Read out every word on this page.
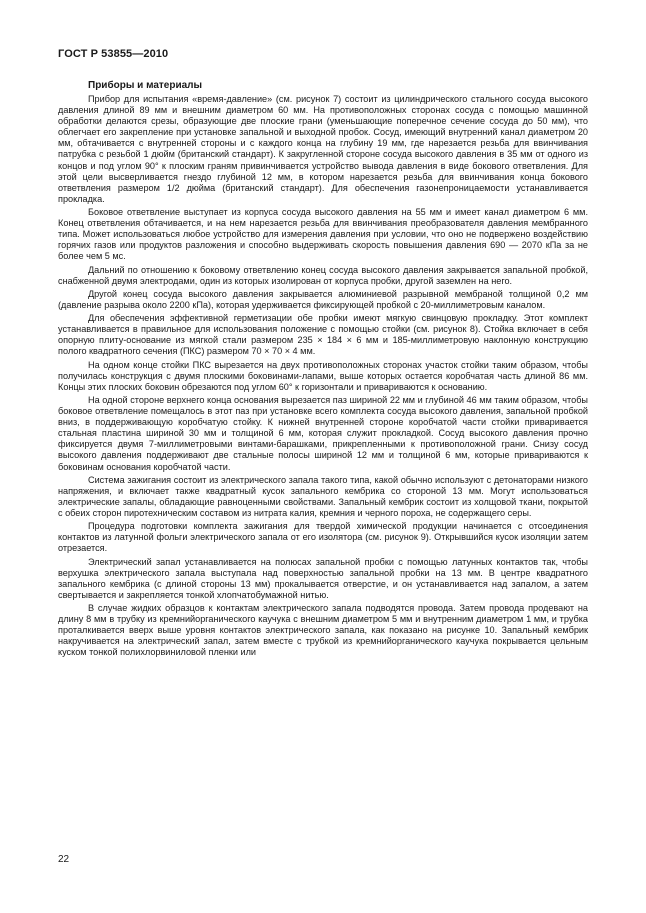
ГОСТ Р 53855—2010
Приборы и материалы

Прибор для испытания «время-давление» (см. рисунок 7) состоит из цилиндрического стального сосуда высокого давления длиной 89 мм и внешним диаметром 60 мм. На противоположных сторонах сосуда с помощью машинной обработки делаются срезы, образующие две плоские грани (уменьшающие поперечное сечение сосуда до 50 мм), что облегчает его закрепление при установке запальной и выходной пробок. Сосуд, имеющий внутренний канал диаметром 20 мм, обтачивается с внутренней стороны и с каждого конца на глубину 19 мм, где нарезается резьба для ввинчивания патрубка с резьбой 1 дюйм (британский стандарт). К закругленной стороне сосуда высокого давления в 35 мм от одного из концов и под углом 90° к плоским граням привинчивается устройство вывода давления в виде бокового ответвления. Для этой цели высверливается гнездо глубиной 12 мм, в котором нарезается резьба для ввинчивания конца бокового ответвления размером 1/2 дюйма (британский стандарт). Для обеспечения газонепроницаемости устанавливается прокладка.

Боковое ответвление выступает из корпуса сосуда высокого давления на 55 мм и имеет канал диаметром 6 мм. Конец ответвления обтачивается, и на нем нарезается резьба для ввинчивания преобразователя давления мембранного типа. Может использоваться любое устройство для измерения давления при условии, что оно не подвержено воздействию горячих газов или продуктов разложения и способно выдерживать скорость повышения давления 690 — 2070 кПа за не более чем 5 мс.

Дальний по отношению к боковому ответвлению конец сосуда высокого давления закрывается запальной пробкой, снабженной двумя электродами, один из которых изолирован от корпуса пробки, другой заземлен на него.

Другой конец сосуда высокого давления закрывается алюминиевой разрывной мембраной толщиной 0,2 мм (давление разрыва около 2200 кПа), которая удерживается фиксирующей пробкой с 20-миллиметровым каналом.

Для обеспечения эффективной герметизации обе пробки имеют мягкую свинцовую прокладку. Этот комплект устанавливается в правильное для использования положение с помощью стойки (см. рисунок 8). Стойка включает в себя опорную плиту-основание из мягкой стали размером 235 × 184 × 6 мм и 185-миллиметровую наклонную конструкцию полого квадратного сечения (ПКС) размером 70 × 70 × 4 мм.

На одном конце стойки ПКС вырезается на двух противоположных сторонах участок стойки таким образом, чтобы получилась конструкция с двумя плоскими боковинами-лапами, выше которых остается коробчатая часть длиной 86 мм. Концы этих плоских боковин обрезаются под углом 60° к горизонтали и привариваются к основанию.

На одной стороне верхнего конца основания вырезается паз шириной 22 мм и глубиной 46 мм таким образом, чтобы боковое ответвление помещалось в этот паз при установке всего комплекта сосуда высокого давления, запальной пробкой вниз, в поддерживающую коробчатую стойку. К нижней внутренней стороне коробчатой части стойки приваривается стальная пластина шириной 30 мм и толщиной 6 мм, которая служит прокладкой. Сосуд высокого давления прочно фиксируется двумя 7-миллиметровыми винтами-барашками, прикрепленными к противоположной грани. Снизу сосуд высокого давления поддерживают две стальные полосы шириной 12 мм и толщиной 6 мм, которые привариваются к боковинам основания коробчатой части.

Система зажигания состоит из электрического запала такого типа, какой обычно используют с детонаторами низкого напряжения, и включает также квадратный кусок запального кембрика со стороной 13 мм. Могут использоваться электрические запалы, обладающие равноценными свойствами. Запальный кембрик состоит из холщовой ткани, покрытой с обеих сторон пиротехническим составом из нитрата калия, кремния и черного пороха, не содержащего серы.

Процедура подготовки комплекта зажигания для твердой химической продукции начинается с отсоединения контактов из латунной фольги электрического запала от его изолятора (см. рисунок 9). Открывшийся кусок изоляции затем отрезается.

Электрический запал устанавливается на полюсах запальной пробки с помощью латунных контактов так, чтобы верхушка электрического запала выступала над поверхностью запальной пробки на 13 мм. В центре квадратного запального кембрика (с длиной стороны 13 мм) прокалывается отверстие, и он устанавливается над запалом, а затем свертывается и закрепляется тонкой хлопчатобумажной нитью.

В случае жидких образцов к контактам электрического запала подводятся провода. Затем провода продевают на длину 8 мм в трубку из кремнийорганического каучука с внешним диаметром 5 мм и внутренним диаметром 1 мм, и трубка проталкивается вверх выше уровня контактов электрического запала, как показано на рисунке 10. Запальный кембрик накручивается на электрический запал, затем вместе с трубкой из кремнийорганического каучука покрывается цельным куском тонкой полихлорвиниловой пленки или

22
